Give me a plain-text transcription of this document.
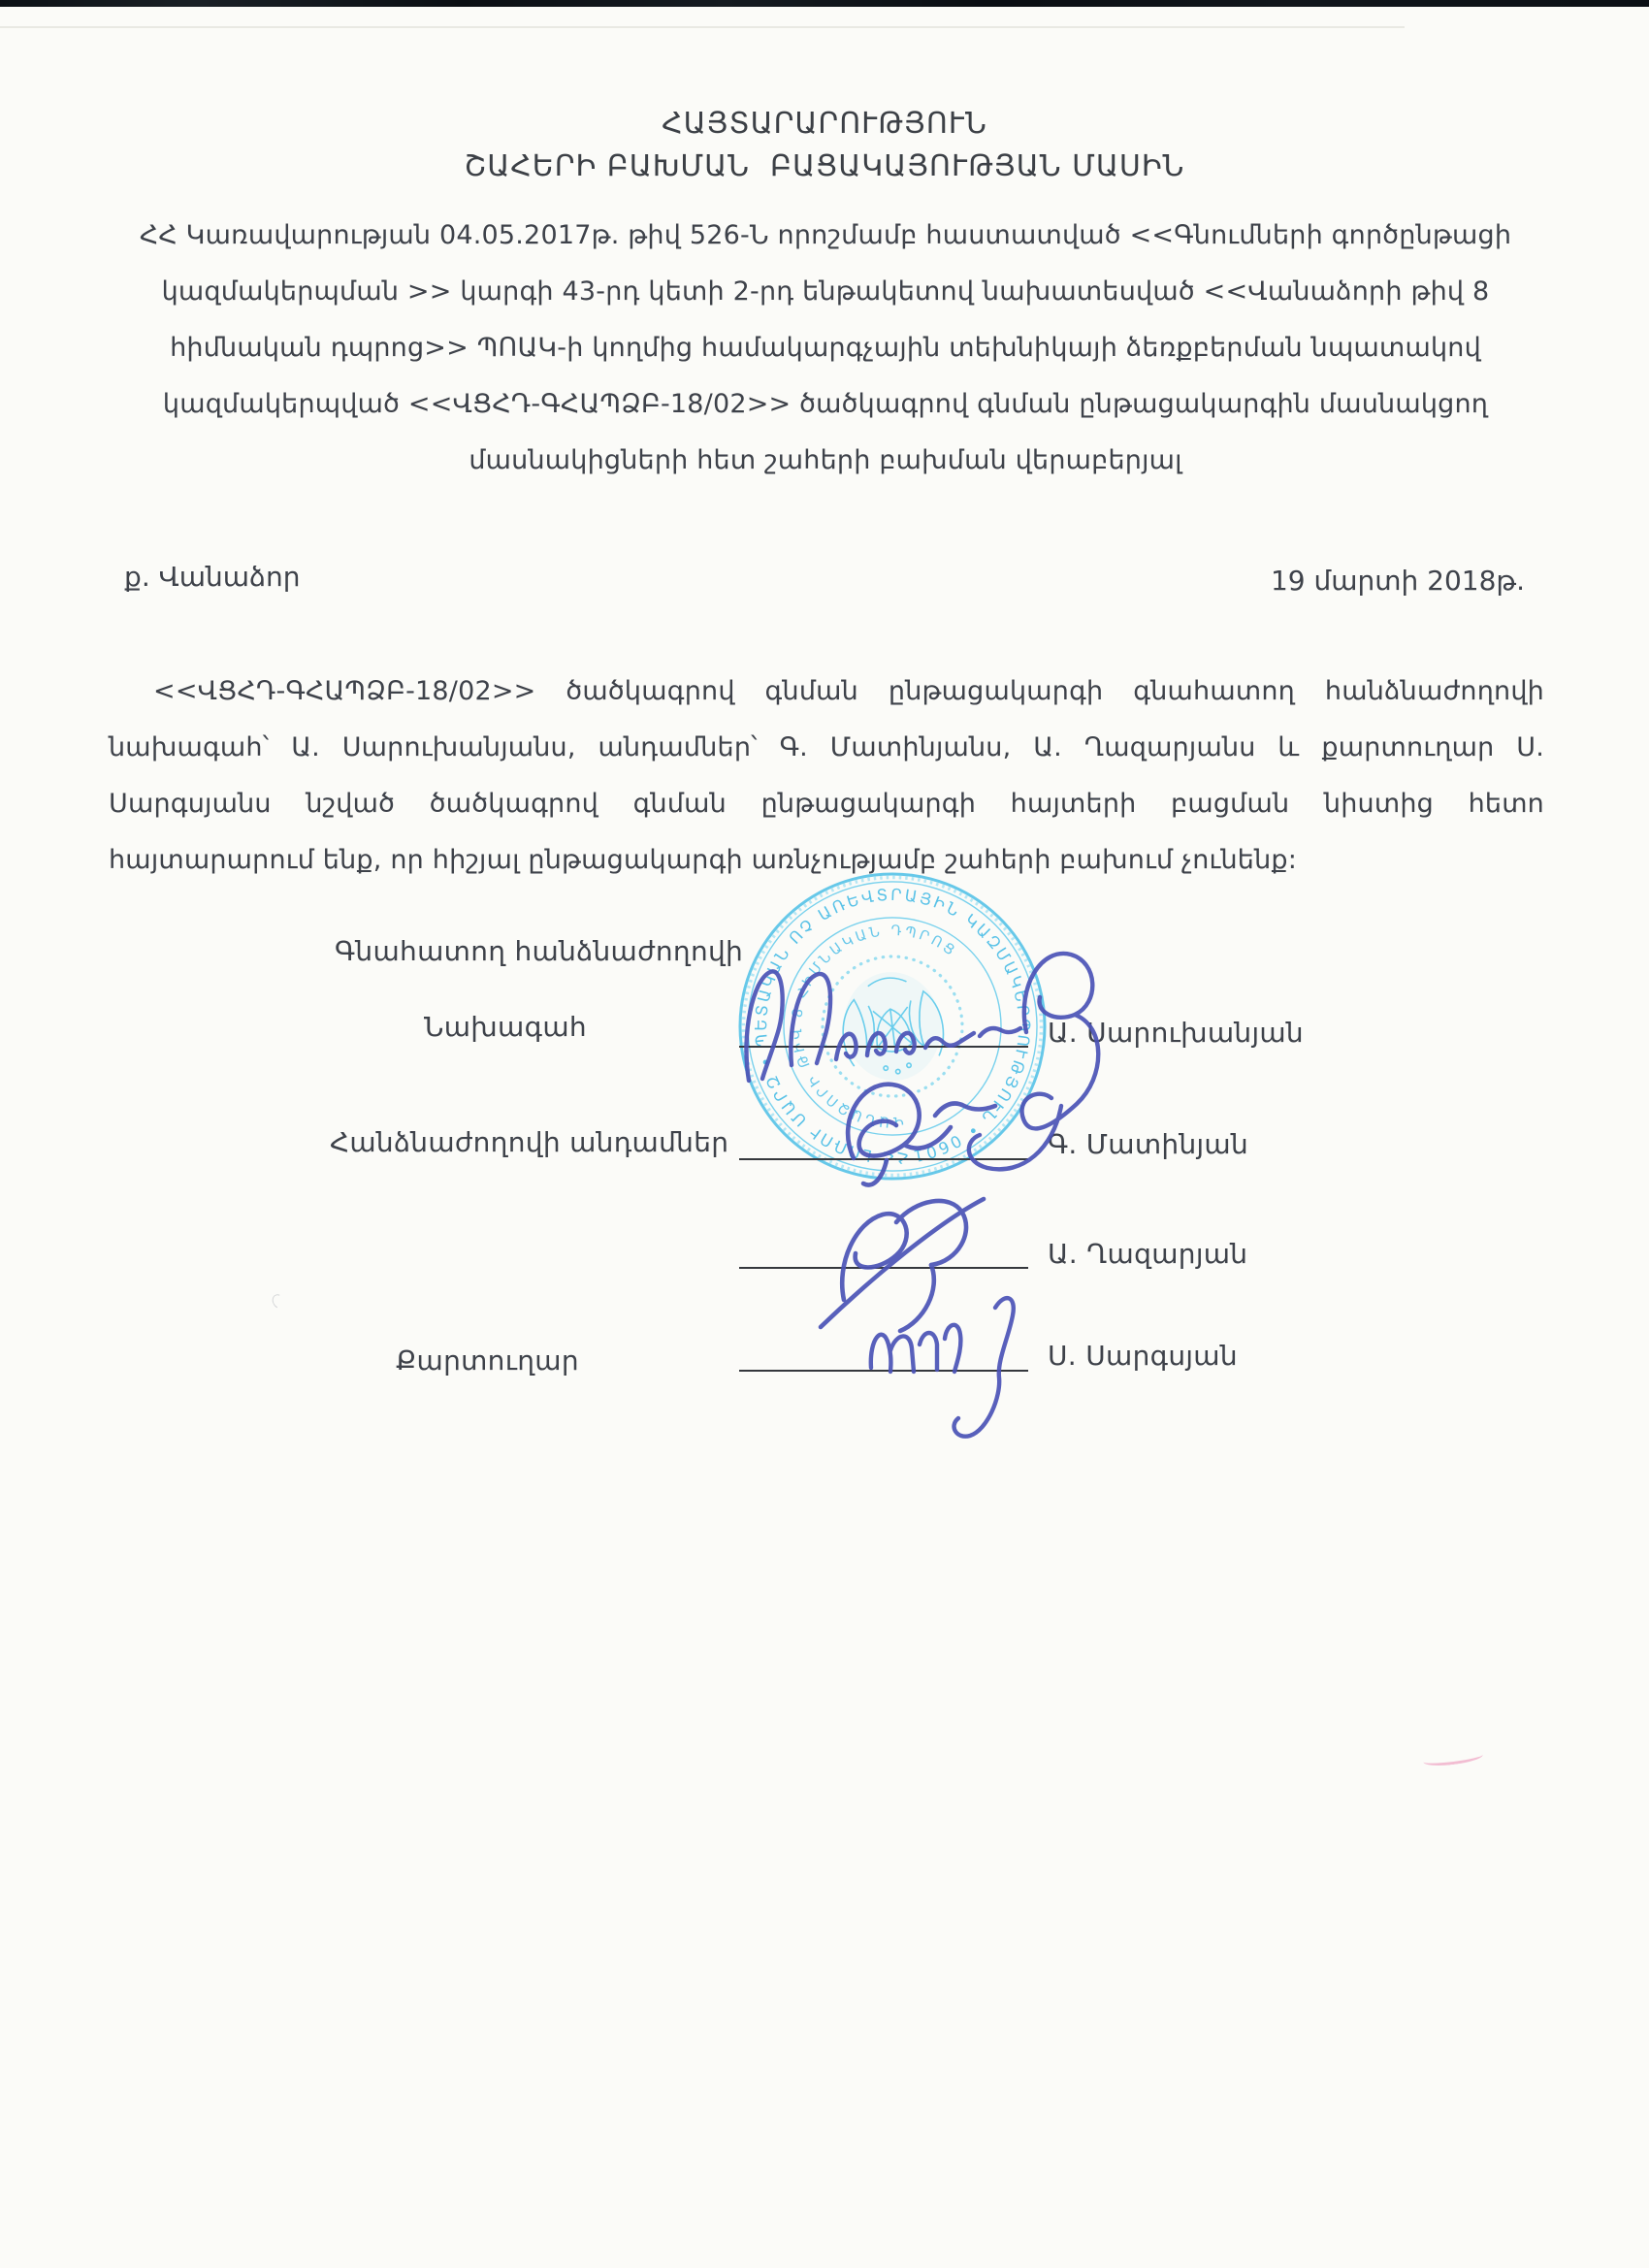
ՀԱՅՏԱՐԱՐՈՒԹՅՈՒՆ
ՇԱՀԵՐԻ ԲԱԽՄԱՆ  ԲԱՑԱԿԱՅՈՒԹՅԱՆ ՄԱՍԻՆ
ՀՀ Կառավարության 04.05.2017թ. թիվ 526-Ն որոշմամբ հաստատված <<Գնումների գործընթացի կազմակերպման >> կարգի 43-րդ կետի 2-րդ ենթակետով նախատեսված <<Վանաձորի թիվ 8 հիմնական դպրոց>> ՊՈԱԿ-ի կողմից համակարգչային տեխնիկայի ձեռքբերման նպատակով կազմակերպված <<ՎՑՀԴ-ԳՀԱՊՁԲ-18/02>> ծածկագրով գնման ընթացակարգին մասնակցող մասնակիցների հետ շահերի բախման վերաբերյալ
ք. Վանաձոր	19 մարտի 2018թ.
<<ՎՑՀԴ-ԳՀԱՊՁԲ-18/02>> ծածկագրով գնման ընթացակարգի գնահատող հանձնաժողովի նախագահ՝ Ա. Սարուխանյանս, անդամներ՝ Գ. Մատինյանս, Ա. Ղազարյանս և քարտուղար Ս. Սարգսյանս նշված ծածկագրով գնման ընթացակարգի հայտերի բացման նիստից հետո հայտարարում ենք, որ հիշյալ ընթացակարգի առնչությամբ շահերի բախում չունենք:
ՀՀ ԼՈՌՈՒ ՄԱՐԶ • ՊԵՏԱԿԱՆ ՈՉ ԱՌԵՎՏՐԱՅԻՆ ԿԱԶՄԱԿԵՐՊՈՒԹՅՈՒՆ • 0601690 •
ՎԱՆԱՁՈՐԻ ԹԻՎ 8 ՀԻՄՆԱԿԱՆ ԴՊՐՈՑ
Գնահատող հանձնաժողովի
Նախագահ
Հանձնաժողովի անդամներ
Քարտուղար
Ա. Սարուխանյան
Գ. Մատինյան
Ա. Ղազարյան
Ս. Սարգսյան
